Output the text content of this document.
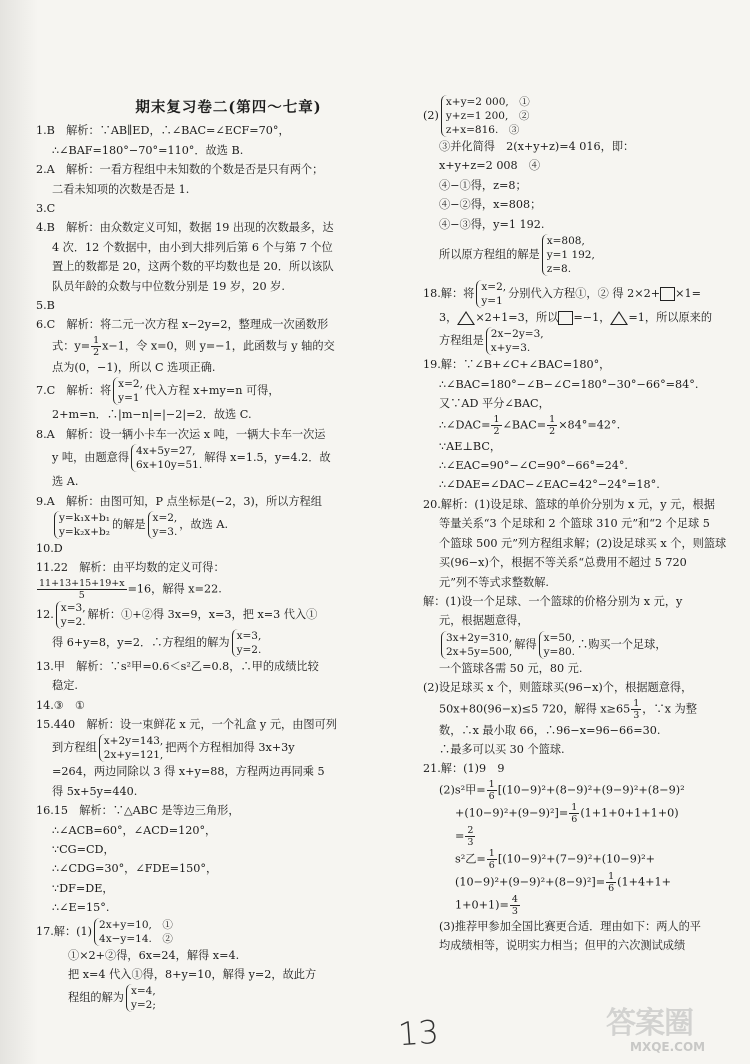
期末复习卷二(第四～七章)

1.B　解析：∵AB∥ED，∴∠BAC=∠ECF=70°，

∴∠BAF=180°−70°=110°．故选 B.

2.A　解析：一看方程组中未知数的个数是否是只有两个；

二看未知项的次数是否是 1.

3.C

4.B　解析：由众数定义可知，数据 19 出现的次数最多，达

4 次．12 个数据中，由小到大排列后第 6 个与第 7 个位

置上的数都是 20，这两个数的平均数也是 20．所以该队

队员年龄的众数与中位数分别是 19 岁，20 岁.

5.B

6.C　解析：将二元一次方程 x−2y=2，整理成一次函数形

式：$y= \frac{1}{2} x-1$，令 x=0，则 y=−1，此函数与 y 轴的交

点为(0，−1)，所以 C 选项正确.

7.C　解析：将 x=2,
y=1
代入方程 x+my=n 可得，

2+m=n．∴|m−n|=|−2|=2．故选 C.

8.A　解析：设一辆小卡车一次运 x 吨，一辆大卡车一次运

y 吨，由题意得 4x+5y=27,
6x+10y=51.
解得 x=1.5，y=4.2．故

选 A.

9.A　解析：由图可知，P 点坐标是(−2，3)，所以方程组

y=k₁x+b₁
y=k₂x+b₂
的解是 x=2,
y=3.
，故选 A.

10.D

11.22　解析：由平均数的定义可得：

$\frac{11+13+15+19+x}{5} =16$，解得 x=22.

12. x=3,
y=2.
解析：①+②得 3x=9，x=3，把 x=3 代入①

得 6+y=8，y=2．∴方程组的解为 x=3,
y=2.

13.甲　解析：∵s²甲=0.6＜s²乙=0.8，∴甲的成绩比较

稳定.

14.③　①

15.440　解析：设一束鲜花 x 元，一个礼盒 y 元，由图可列

到方程组 x+2y=143,
2x+y=121,
把两个方程相加得 3x+3y

=264，两边同除以 3 得 x+y=88，方程两边再同乘 5

得 5x+5y=440.

16.15　解析：∵△ABC 是等边三角形，

∴∠ACB=60°，∠ACD=120°，

∵CG=CD，

∴∠CDG=30°，∠FDE=150°，

∵DF=DE，

∴∠E=15°.

17.解：(1) 2x+y=10,　①
4x−y=14.　②

①×2+②得，6x=24，解得 x=4.

把 x=4 代入①得，8+y=10，解得 y=2，故此方

程组的解为 x=4,
y=2;

(2)
x+y=2 000,　①
y+z=1 200,　②
z+x=816.　③

③并化简得　2(x+y+z)=4 016，即：

x+y+z=2 008　④

④−①得，z=8；

④−②得，x=808；

④−③得，y=1 192.

所以原方程组的解是
x=808,
y=1 192,
z=8.

18.解：将 x=2,
y=1
分别代入方程①，② 得 2×2+ ×1=

3， ×2+1=3，所以 =−1， =1，所以原来的

方程组是 2x−2y=3,
x+y=3.

19.解：∵∠B+∠C+∠BAC=180°，

∴∠BAC=180°−∠B−∠C=180°−30°−66°=84°.

又∵AD 平分∠BAC，

∴∠DAC= $\frac{1}{2}$ ∠BAC= $\frac{1}{2} \times 84^\circ=42^\circ$.

∵AE⊥BC，

∴∠EAC=90°−∠C=90°−66°=24°.

∴∠DAE=∠DAC−∠EAC=42°−24°=18°.

20.解析：(1)设足球、篮球的单价分别为 x 元，y 元，根据

等量关系“3 个足球和 2 个篮球 310 元”和“2 个足球 5

个篮球 500 元”列方程组求解；(2)设足球买 x 个，则篮球

买(96−x)个，根据不等关系“总费用不超过 5 720

元”列不等式求整数解.

解：(1)设一个足球、一个篮球的价格分别为 x 元，y

元，根据题意得，

3x+2y=310,
2x+5y=500,
解得 x=50,
y=80.
∴购买一个足球，

一个篮球各需 50 元，80 元.

(2)设足球买 x 个，则篮球买(96−x)个，根据题意得，

50x+80(96−x)≤5 720，解得 $x\ge 65 \frac{1}{3}$ ，∵x 为整

数，∴x 最小取 66，∴96−x=96−66=30.

∴最多可以买 30 个篮球.

21.解：(1)9　9

(2)s²甲= $\frac{1}{6} [(10-9)^2+(8-9)^2+(9-9)^2+(8-9)^2$

$+(10-9)^2+(9-9)^2]= \frac{1}{6} (1+1+0+1+1+0)$

= $\frac{2}{3}$

s²乙= $\frac{1}{6} [(10-9)^2+(7-9)^2+(10-9)^2+$

$(10-9)^2+(9-9)^2+(8-9)^2]= \frac{1}{6} (1+4+1+$

$1+0+1)= \frac{4}{3}$

(3)推荐甲参加全国比赛更合适．理由如下：两人的平

均成绩相等，说明实力相当；但甲的六次测试成绩

13	答案圈
MXQE.COM
